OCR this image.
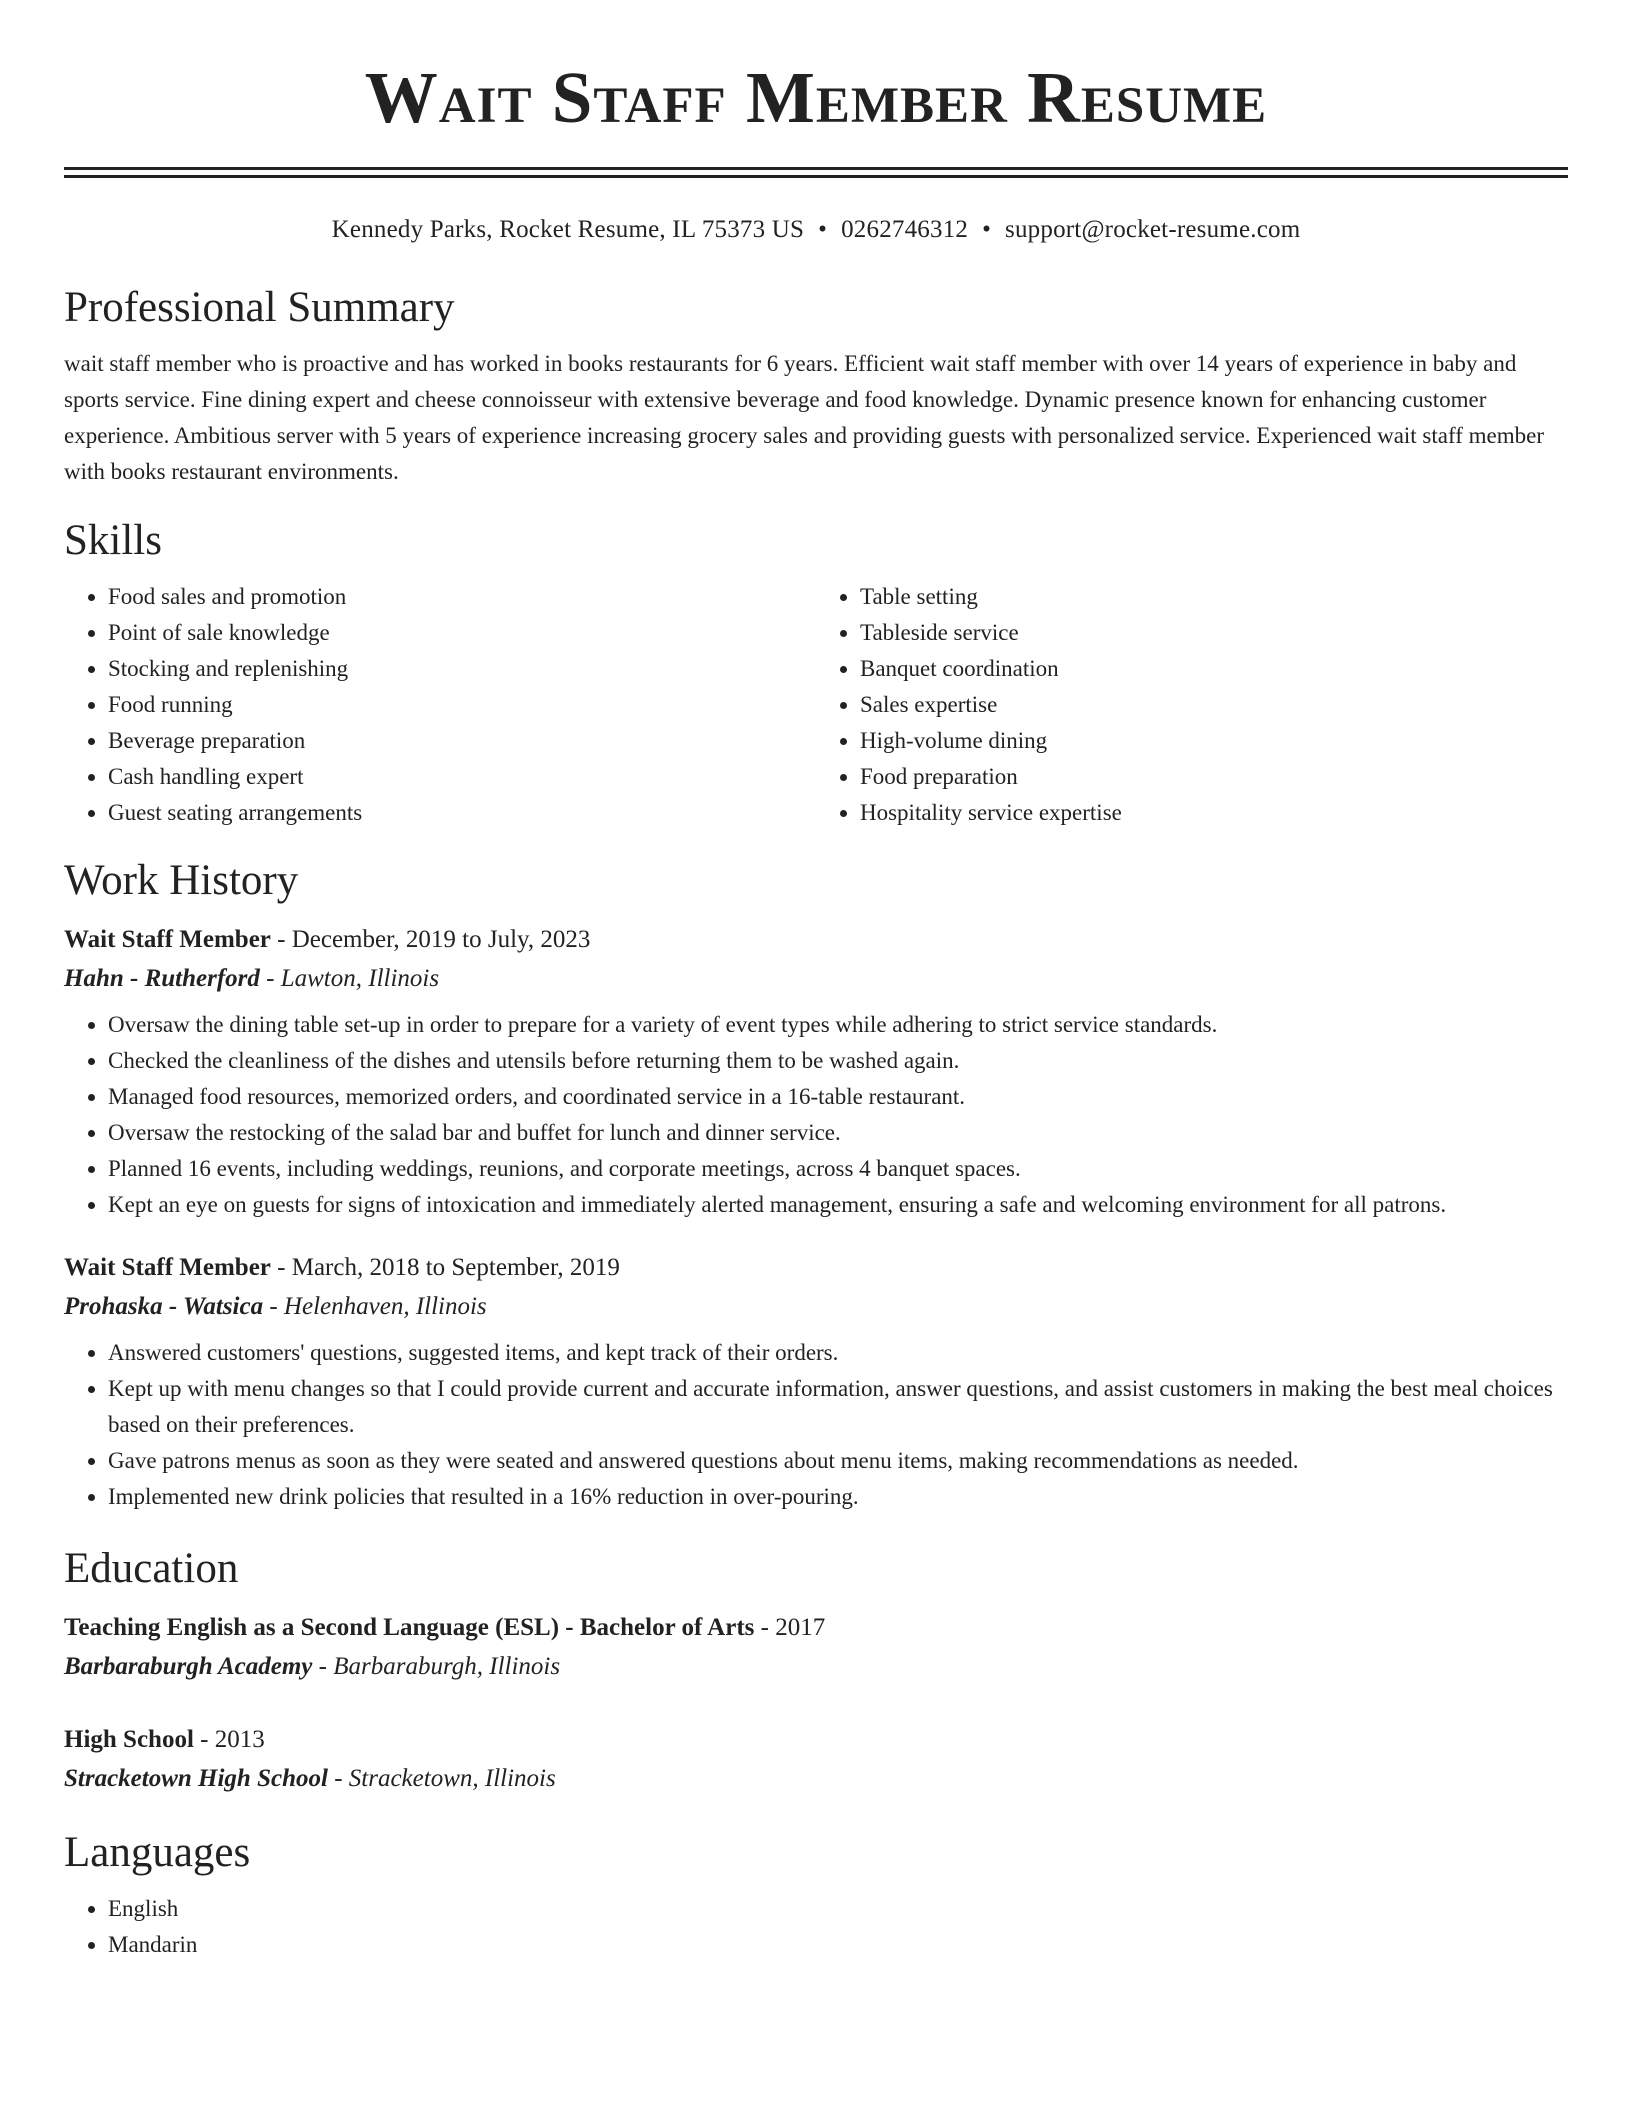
Wait Staff Member Resume
Kennedy Parks, Rocket Resume, IL 75373 US • 0262746312 • support@rocket-resume.com
Professional Summary

wait staff member who is proactive and has worked in books restaurants for 6 years. Efficient wait staff member with over 14 years of experience in baby and sports service. Fine dining expert and cheese connoisseur with extensive beverage and food knowledge. Dynamic presence known for enhancing customer experience. Ambitious server with 5 years of experience increasing grocery sales and providing guests with personalized service. Experienced wait staff member with books restaurant environments.

Skills
• Food sales and promotion
• Point of sale knowledge
• Stocking and replenishing
• Food running
• Beverage preparation
• Cash handling expert
• Guest seating arrangements
• Table setting
• Tableside service
• Banquet coordination
• Sales expertise
• High-volume dining
• Food preparation
• Hospitality service expertise
Work History
Wait Staff Member - December, 2019 to July, 2023
Hahn - Rutherford - Lawton, Illinois
• Oversaw the dining table set-up in order to prepare for a variety of event types while adhering to strict service standards.
• Checked the cleanliness of the dishes and utensils before returning them to be washed again.
• Managed food resources, memorized orders, and coordinated service in a 16-table restaurant.
• Oversaw the restocking of the salad bar and buffet for lunch and dinner service.
• Planned 16 events, including weddings, reunions, and corporate meetings, across 4 banquet spaces.
• Kept an eye on guests for signs of intoxication and immediately alerted management, ensuring a safe and welcoming environment for all patrons.
Wait Staff Member - March, 2018 to September, 2019
Prohaska - Watsica - Helenhaven, Illinois
• Answered customers' questions, suggested items, and kept track of their orders.
• Kept up with menu changes so that I could provide current and accurate information, answer questions, and assist customers in making the best meal choices based on their preferences.
• Gave patrons menus as soon as they were seated and answered questions about menu items, making recommendations as needed.
• Implemented new drink policies that resulted in a 16% reduction in over-pouring.
Education
Teaching English as a Second Language (ESL) - Bachelor of Arts - 2017
Barbaraburgh Academy - Barbaraburgh, Illinois
High School - 2013
Stracketown High School - Stracketown, Illinois
Languages
• English
• Mandarin
